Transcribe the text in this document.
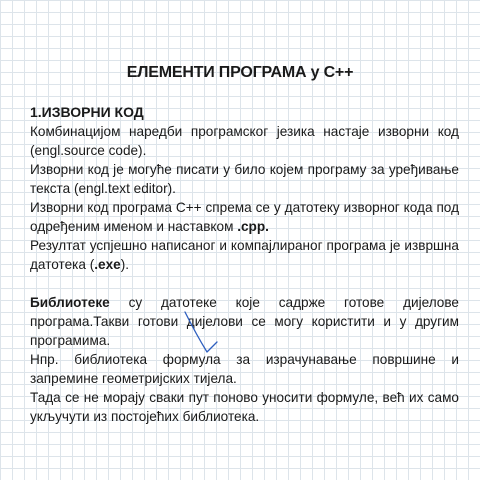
ЕЛЕМЕНТИ ПРОГРАМА у C++

1.ИЗВОРНИ КОД

Комбинацијом наредби програмског језика настаје изворни код (engl.source code).

Изворни код је могуће писати у било којем програму за уређивање текста (engl.text editor).

Изворни код програма C++ спрема се у датотеку изворног кода под одређеним именом и наставком .cpp.

Резултат успјешно написаног и компајлираног програма је извршна датотека (.exe).

Библиотеке су датотеке које садрже готове дијелове програма.Такви готови дијелови се могу користити и у другим програмима.

Нпр. библиотека формула за израчунавање површине и запремине геометријских тијела.

Тада се не морају сваки пут поново уносити формуле, већ их само укључути из постојећих библиотека.
